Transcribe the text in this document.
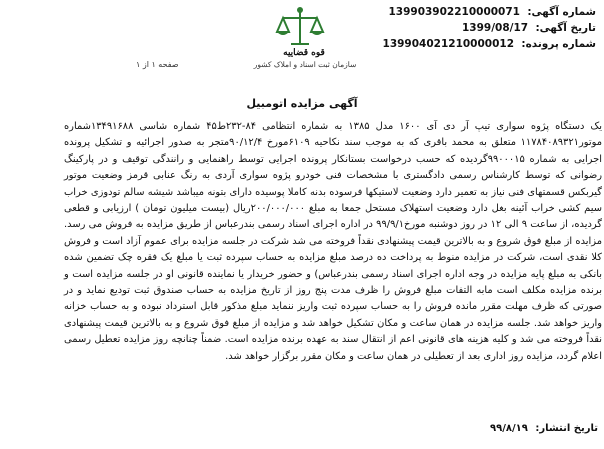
شماره آگهی: 139903902210000071
تاریخ آگهی: 1399/08/17
شماره پرونده: 139904021210000012
قوه قضاییه
سازمان ثبت اسناد و املاک کشور
صفحه ۱ از ۱
آگهی مزایده اتومبیل

یک دستگاه پژوه سواری تیپ آر دی آی ۱۶۰۰ مدل ۱۳۸۵ به شماره انتظامی ۸۴-۲۳۲ط۴۵ شماره شاسی ۱۳۴۹۱۶۸۸شماره موتور۱۱۷۸۴۰۸۹۳۲۱ متعلق به محمد باقری که به موجب سند نکاحیه ۶۱۰۹مورخ ۹۰/۱۲/۴متجر به صدور اجرائیه و تشکیل پرونده اجرایی به شماره ۹۹۰۰۰۱۵گردیده که حسب درخواست بستانکار پرونده اجرایی توسط راهنمایی و رانندگی توقیف و در پارکینگ رضوانی که توسط کارشناس رسمی دادگستری با مشخصات فنی خودرو پژوه سواری آردی به رنگ عنابی قرمز وضعیت موتور گیربکس قسمتهای فنی نیاز به تعمیر دارد وضعیت لاستیکها فرسوده بدنه کاملا پوسیده دارای بتونه میباشد شیشه سالم تودوزی خراب سیم کشی خراب آئینه بغل دارد وضعیت استهلاک مستحل جمعا به مبلغ ۲۰۰/۰۰۰/۰۰۰ریال (بیست میلیون تومان ) ارزیابی و قطعی گردیده، از ساعت ۹ الی ۱۲ در روز دوشنبه مورخ۹۹/۹/۱ در اداره اجرای اسناد رسمی بندرعباس از طریق مزایده به فروش می رسد. مزایده از مبلغ فوق شروع و به بالاترین قیمت پیشنهادی نقداً فروخته می شد شرکت در جلسه مزایده برای عموم آزاد است و فروش کلا نقدی است، شرکت در مزایده منوط به پرداخت ده درصد مبلغ مزایده به حساب سپرده ثبت یا مبلغ یک فقره چک تضمین شده بانکی به مبلغ پایه مزایده در وجه اداره اجرای اسناد رسمی بندرعباس) و حضور خریدار یا نماینده قانونی او در جلسه مزایده است و برنده مزایده مکلف است مابه التفات مبلغ فروش را ظرف مدت پنج روز از تاریخ مزایده به حساب صندوق ثبت تودیع نماید و در صورتی که ظرف مهلت مقرر مانده فروش را به حساب سپرده ثبت واریز ننماید مبلغ مذکور قابل استرداد نبوده و به حساب خزانه واریز خواهد شد. جلسه مزایده در همان ساعت و مکان تشکیل خواهد شد و مزایده از مبلغ فوق شروع و به بالاترین قیمت پیشنهادی نقداً فروخته می شد و کلیه هزینه های قانونی اعم از انتقال سند به عهده برنده مزایده است. ضمناً چنانچه روز مزایده تعطیل رسمی اعلام گردد، مزایده روز اداری بعد از تعطیلی در همان ساعت و مکان مقرر برگزار خواهد شد.

تاریخ انتشار: ۹۹/۸/۱۹
